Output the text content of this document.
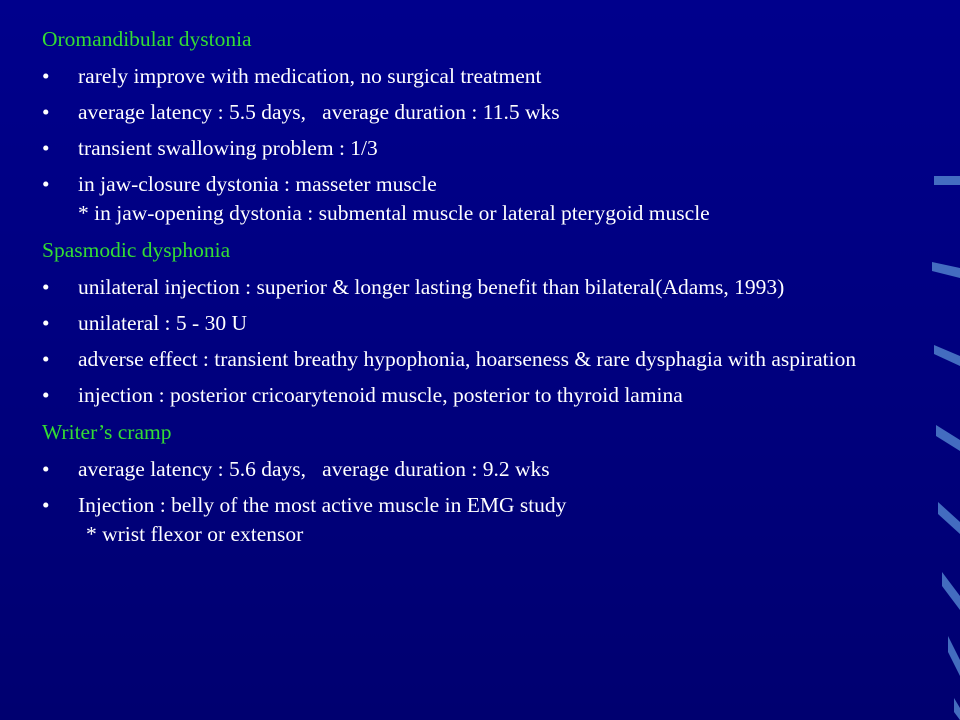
Oromandibular dystonia
• rarely improve with medication, no surgical treatment
• average latency : 5.5 days,   average duration : 11.5 wks
• transient swallowing problem : 1/3
• in jaw-closure dystonia : masseter muscle
* in jaw-opening dystonia : submental muscle or lateral pterygoid muscle
Spasmodic dysphonia
• unilateral injection : superior & longer lasting benefit than bilateral(Adams, 1993)
• unilateral : 5 - 30 U
• adverse effect : transient breathy hypophonia, hoarseness & rare dysphagia with aspiration
• injection : posterior cricoarytenoid muscle, posterior to thyroid lamina
Writer’s cramp
• average latency : 5.6 days,   average duration : 9.2 wks
• Injection : belly of the most active muscle in EMG study
* wrist flexor or extensor
